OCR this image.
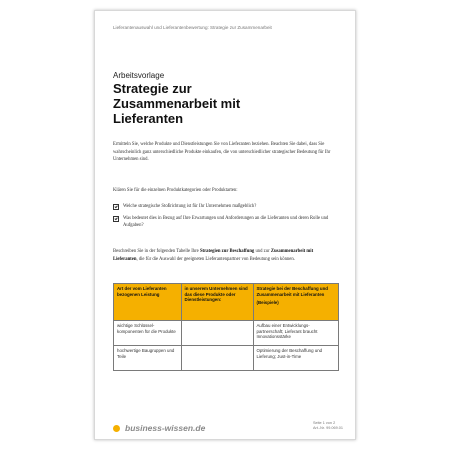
Lieferantenauswahl und Lieferantenbewertung: Strategie zur Zusammenarbeit
Arbeitsvorlage
Strategie zur
Zusammenarbeit mit
Lieferanten

Ermitteln Sie, welche Produkte und Dienstleistungen Sie von Lieferanten beziehen. Beachten Sie dabei, dass Sie wahrscheinlich ganz unterschiedliche Produkte einkaufen, die von unterschiedlicher strategischer Bedeutung für Ihr Unternehmen sind.

Klären Sie für die einzelnen Produktkategorien oder Produktarten:

Welche strategische Stoßrichtung ist für Ihr Unternehmen maßgeblich?
Was bedeutet dies in Bezug auf Ihre Erwartungen und Anforderungen an die Lieferanten und deren Rolle und Aufgaben?

Beschreiben Sie in der folgenden Tabelle Ihre Strategien zur Beschaffung und zur Zusammenarbeit mit Lieferanten, die für die Auswahl der geeigneten Lieferantenpartner von Bedeutung sein können.

Art der vom Lieferanten bezogenen Leistung	in unserem Unternehmen sind das diese Produkte oder Dienstleistungen:	Strategie bei der Beschaffung und Zusammenarbeit mit Lieferanten
(Beispiele)

wichtige Schlüssel-komponenten für die Produkte		Aufbau einer Entwicklungs-partnerschaft; Lieferant braucht Innovationsstärke
hochwertige Baugruppen und Teile		Optimierung der Beschaffung und Lieferung; Just-in-Time
business-wissen.de	Seite 1 von 2
Art.-Nr. 99.069.01
